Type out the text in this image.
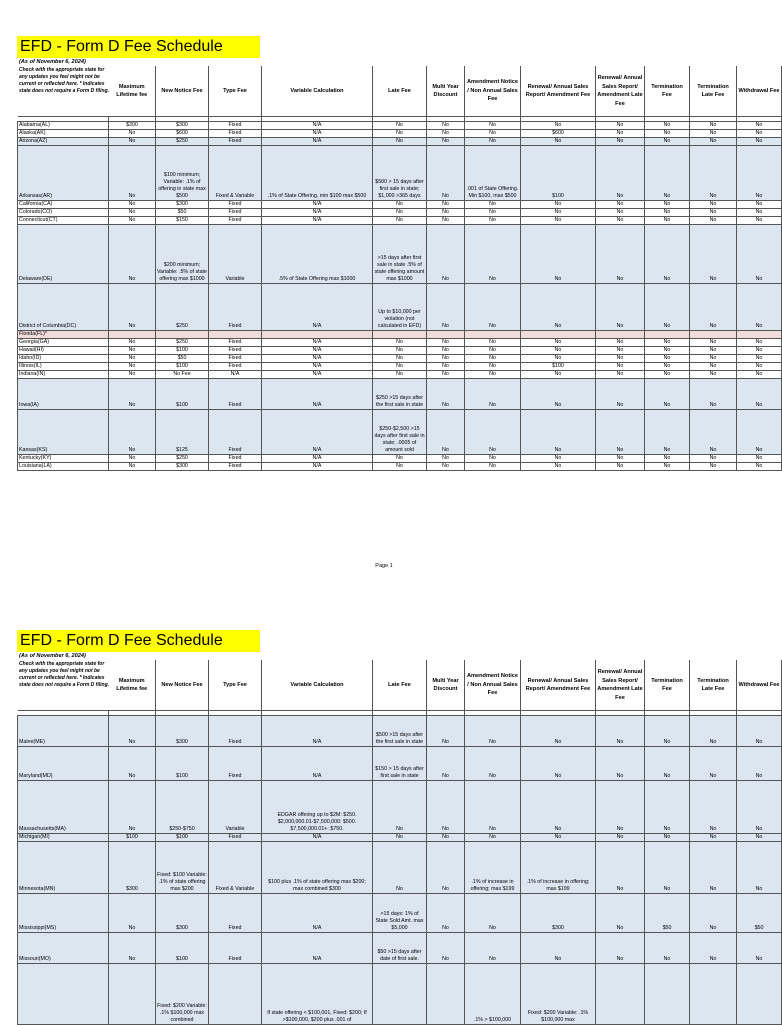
EFD - Form D Fee Schedule
(As of November 6, 2024)
Check with the appropriate state for any updates you feel might not be current or reflected here. * Indicates state does not require a Form D filing.
	Maximum Lifetime fee	New Notice Fee	Type Fee	Variable Calculation	Late Fee	Multi Year Discount	Amendment Notice / Non Annual Sales Fee	Renewal/ Annual Sales Report/ Amendment Fee	Renewal/ Annual Sales Report/ Amendment Late Fee	Termination Fee	Termination Late Fee	Withdrawal Fee

Alabama(AL)	$300	$300	Fixed	N/A	No	No	No	No	No	No	No	No
Alaska(AK)	No	$600	Fixed	N/A	No	No	No	$600	No	No	No	No
Arizona(AZ)	No	$250	Fixed	N/A	No	No	No	No	No	No	No	No
Arkansas(AR)	No	$100 minimum; Variable: .1% of offering in state max $500	Fixed & Variable	.1% of State Offering, min $100 max $500	$500 > 15 days after first sale in state; $1,000 >365 days	No	.001 of State Offering. Min $100, max $500	$100	No	No	No	No
California(CA)	No	$300	Fixed	N/A	No	No	No	No	No	No	No	No
Colorado(CO)	No	$50	Fixed	N/A	No	No	No	No	No	No	No	No
Connecticut(CT)	No	$150	Fixed	N/A	No	No	No	No	No	No	No	No
Delaware(DE)	No	$200 minimum; Variable: .5% of state offering max $1000	Variable	.5% of State Offering max $1000	>15 days after first sale in state .5% of state offering amount max $1000	No	No	No	No	No	No	No
District of Columbia(DC)	No	$250	Fixed	N/A	Up to $10,000 per violation (not calculated in EFD)	No	No	No	No	No	No	No
Florida(FL)*												
Georgia(GA)	No	$250	Fixed	N/A	No	No	No	No	No	No	No	No
Hawaii(HI)	No	$100	Fixed	N/A	No	No	No	No	No	No	No	No
Idaho(ID)	No	$50	Fixed	N/A	No	No	No	No	No	No	No	No
Illinois(IL)	No	$100	Fixed	N/A	No	No	No	$100	No	No	No	No
Indiana(IN)	No	No Fee	N/A	N/A	No	No	No	No	No	No	No	No
Iowa(IA)	No	$100	Fixed	N/A	$250 >15 days after the first sale in state	No	No	No	No	No	No	No
Kansas(KS)	No	$125	Fixed	N/A	$250-$2,500 >15 days after first sale in state; .0005 of amount sold	No	No	No	No	No	No	No
Kentucky(KY)	No	$250	Fixed	N/A	No	No	No	No	No	No	No	No
Louisiana(LA)	No	$300	Fixed	N/A	No	No	No	No	No	No	No	No
Page 1
EFD - Form D Fee Schedule
(As of November 6, 2024)
Check with the appropriate state for any updates you feel might not be current or reflected here. * Indicates state does not require a Form D filing.
	Maximum Lifetime fee	New Notice Fee	Type Fee	Variable Calculation	Late Fee	Multi Year Discount	Amendment Notice / Non Annual Sales Fee	Renewal/ Annual Sales Report/ Amendment Fee	Renewal/ Annual Sales Report/ Amendment Late Fee	Termination Fee	Termination Late Fee	Withdrawal Fee

Maine(ME)	No	$300	Fixed	N/A	$500 >15 days after the first sale in state	No	No	No	No	No	No	No
Maryland(MD)	No	$100	Fixed	N/A	$150 > 15 days after first sale in state	No	No	No	No	No	No	No
Massachusetts(MA)	No	$250-$750	Variable	EDGAR offering up to $2M: $250. $2,000,000.01-$7,500,000: $500. $7,500,000.01+: $750.	No	No	No	No	No	No	No	No
Michigan(MI)	$100	$100	Fixed	N/A	No	No	No	No	No	No	No	No
Minnesota(MN)	$300	Fixed: $100 Variable: .1% of state offering max $200	Fixed & Variable	$100 plus .1% of state offering max $200; max combined $300	No	No	.1% of increase in offering; max $199	.1% of increase in offering; max $199	No	No	No	No
Mississippi(MS)	No	$300	Fixed	N/A	>15 days: 1% of State Sold Amt. max $5,000	No	No	$300	No	$50	No	$50
Missouri(MO)	No	$100	Fixed	N/A	$50 >15 days after date of first sale.	No	No	No	No	No	No	No
		Fixed: $200 Variable: .1% $100,000 max combined		If state offering < $100,001, Fixed: $200; If >$100,000, $200 plus .001 of			.1% > $100,000	Fixed: $200 Variable: .1% $100,000 max				
